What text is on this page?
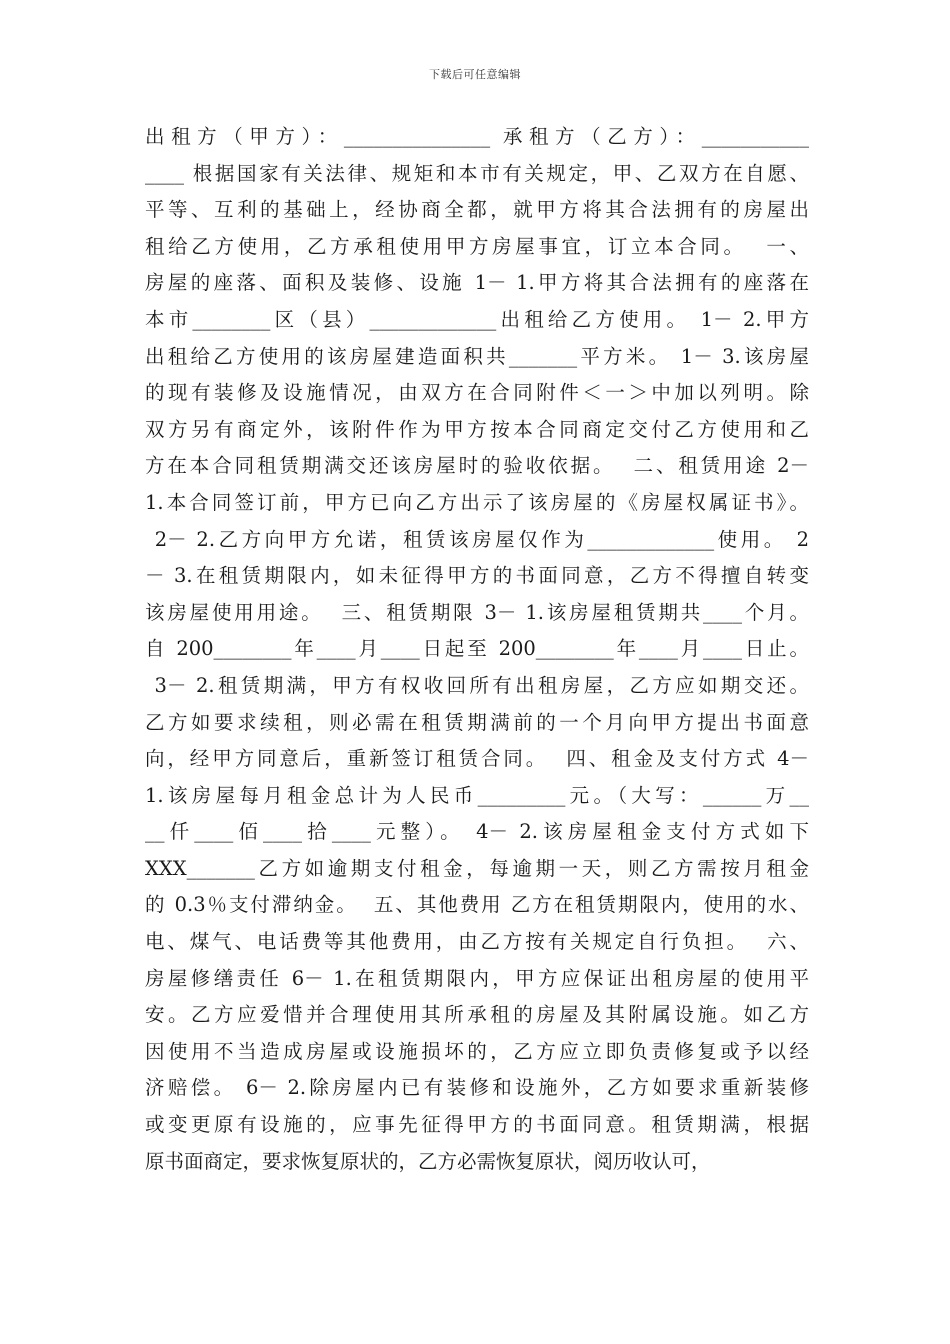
下载后可任意编辑
出租方（甲方）：_______________ 承租方（乙方）：___________
____ 根据国家有关法律、规矩和本市有关规定，甲、乙双方在自愿、
平等、互利的基础上，经协商全都，就甲方将其合法拥有的房屋出
租给乙方使用，乙方承租使用甲方房屋事宜，订立本合同。  一、
房屋的座落、面积及装修、设施 1－ 1.甲方将其合法拥有的座落在
本市________区（县）_____________出租给乙方使用。 1－ 2.甲方
出租给乙方使用的该房屋建造面积共_______平方米。 1－ 3.该房屋
的现有装修及设施情况，由双方在合同附件＜一＞中加以列明。除
双方另有商定外，该附件作为甲方按本合同商定交付乙方使用和乙
方在本合同租赁期满交还该房屋时的验收依据。  二、租赁用途 2－
1.本合同签订前，甲方已向乙方出示了该房屋的《房屋权属证书》。
2－ 2.乙方向甲方允诺，租赁该房屋仅作为_____________使用。 2
－ 3.在租赁期限内，如未征得甲方的书面同意，乙方不得擅自转变
该房屋使用用途。  三、租赁期限 3－ 1.该房屋租赁期共____个月。
自 200________年____月____日起至 200________年____月____日止。
3－ 2.租赁期满，甲方有权收回所有出租房屋，乙方应如期交还。
乙方如要求续租，则必需在租赁期满前的一个月向甲方提出书面意
向，经甲方同意后，重新签订租赁合同。  四、租金及支付方式 4－
1.该房屋每月租金总计为人民币_________元。（大写：______万__
__仟____佰____拾____元整）。 4－ 2.该房屋租金支付方式如下
XXX_______乙方如逾期支付租金，每逾期一天，则乙方需按月租金
的 0.3％支付滞纳金。  五、其他费用 乙方在租赁期限内，使用的水、
电、煤气、电话费等其他费用，由乙方按有关规定自行负担。  六、
房屋修缮责任 6－ 1.在租赁期限内，甲方应保证出租房屋的使用平
安。乙方应爱惜并合理使用其所承租的房屋及其附属设施。如乙方
因使用不当造成房屋或设施损坏的，乙方应立即负责修复或予以经
济赔偿。 6－ 2.除房屋内已有装修和设施外，乙方如要求重新装修
或变更原有设施的，应事先征得甲方的书面同意。租赁期满，根据
原书面商定，要求恢复原状的，乙方必需恢复原状，阅历收认可，
